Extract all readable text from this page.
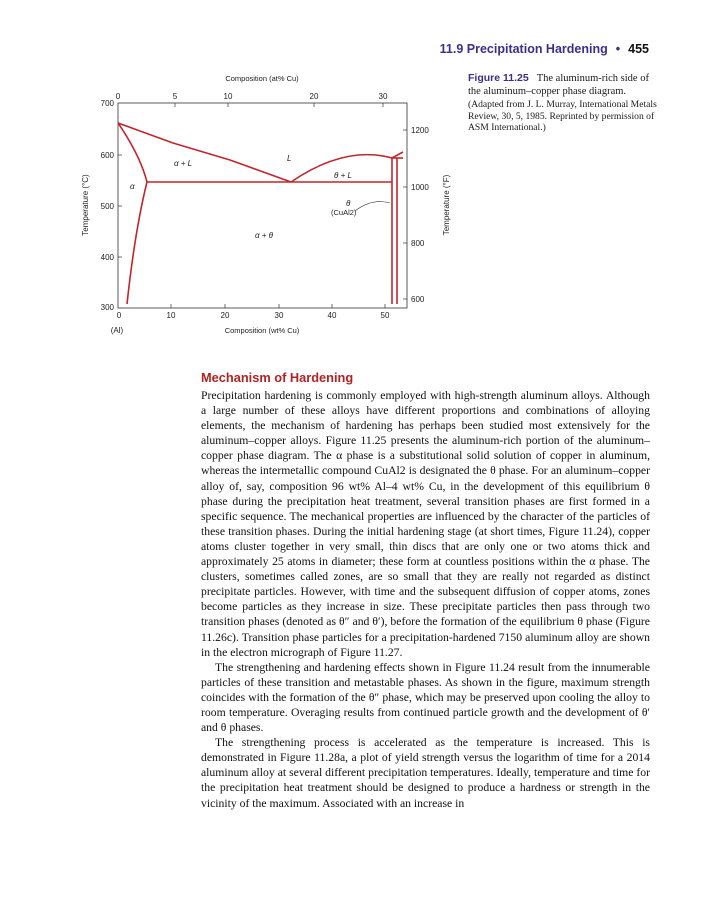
11.9 Precipitation Hardening • 455
Figure 11.25 The aluminum-rich side of the aluminum–copper phase diagram.
(Adapted from J. L. Murray, International Metals Review, 30, 5, 1985. Reprinted by permission of ASM International.)
Composition (at% Cu)
0	5	10	20	30
700
600
500
400
300
Temperature (°C)
1200
1000
800
600
Temperature (°F)
0	10	20	30	40	50
(Al)	Composition (wt% Cu)
α
α + L
L
θ + L
θ
(CuAl2)
α + θ
Mechanism of Hardening

Precipitation hardening is commonly employed with high-strength aluminum alloys. Although a large number of these alloys have different proportions and combinations of alloying elements, the mechanism of hardening has perhaps been studied most extensively for the aluminum–copper alloys. Figure 11.25 presents the aluminum-rich portion of the aluminum–copper phase diagram. The α phase is a substitutional solid solution of copper in aluminum, whereas the intermetallic compound CuAl2 is designated the θ phase. For an aluminum–copper alloy of, say, composition 96 wt% Al–4 wt% Cu, in the development of this equilibrium θ phase during the precipitation heat treatment, several transition phases are first formed in a specific sequence. The mechanical properties are influenced by the character of the particles of these transition phases. During the initial hardening stage (at short times, Figure 11.24), copper atoms cluster together in very small, thin discs that are only one or two atoms thick and approximately 25 atoms in diameter; these form at countless positions within the α phase. The clusters, sometimes called zones, are so small that they are really not regarded as distinct precipitate particles. However, with time and the subsequent diffusion of copper atoms, zones become particles as they increase in size. These precipitate particles then pass through two transition phases (denoted as θ″ and θ′), before the formation of the equilibrium θ phase (Figure 11.26c). Transition phase particles for a precipitation-hardened 7150 aluminum alloy are shown in the electron micrograph of Figure 11.27.

The strengthening and hardening effects shown in Figure 11.24 result from the innumerable particles of these transition and metastable phases. As shown in the figure, maximum strength coincides with the formation of the θ″ phase, which may be preserved upon cooling the alloy to room temperature. Overaging results from continued particle growth and the development of θ′ and θ phases.

The strengthening process is accelerated as the temperature is increased. This is demonstrated in Figure 11.28a, a plot of yield strength versus the logarithm of time for a 2014 aluminum alloy at several different precipitation temperatures. Ideally, temperature and time for the precipitation heat treatment should be designed to produce a hardness or strength in the vicinity of the maximum. Associated with an increase in
